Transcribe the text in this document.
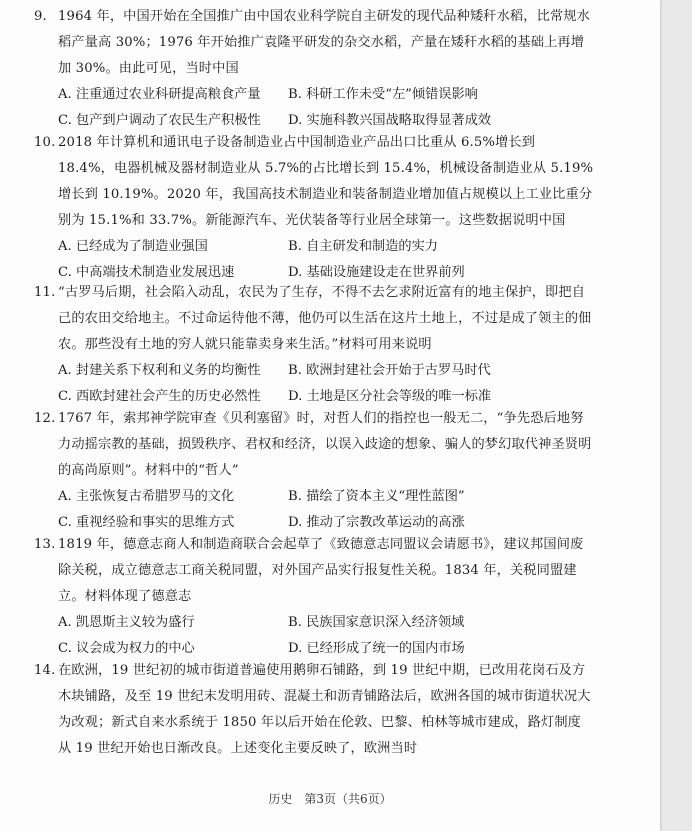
9. 1964 年，中国开始在全国推广由中国农业科学院自主研发的现代品种矮秆水稻，比常规水稻产量高 30%；1976 年开始推广袁隆平研发的杂交水稻，产量在矮秆水稻的基础上再增加 30%。由此可见，当时中国

A. 注重通过农业科研提高粮食产量 B. 科研工作未受“左”倾错误影响
C. 包产到户调动了农民生产积极性 D. 实施科教兴国战略取得显著成效

10. 2018 年计算机和通讯电子设备制造业占中国制造业产品出口比重从 6.5%增长到 18.4%，电器机械及器材制造业从 5.7%的占比增长到 15.4%，机械设备制造业从 5.19%增长到 10.19%。2020 年，我国高技术制造业和装备制造业增加值占规模以上工业比重分别为 15.1%和 33.7%。新能源汽车、光伏装备等行业居全球第一。这些数据说明中国

A. 已经成为了制造业强国	B. 自主研发和制造的实力
C. 中高端技术制造业发展迅速	D. 基础设施建设走在世界前列

11. “古罗马后期，社会陷入动乱，农民为了生存，不得不去乞求附近富有的地主保护，即把自己的农田交给地主。不过命运待他不薄，他仍可以生活在这片土地上，不过是成了领主的佃农。那些没有土地的穷人就只能靠卖身来生活。”材料可用来说明

A. 封建关系下权利和义务的均衡性 B. 欧洲封建社会开始于古罗马时代
C. 西欧封建社会产生的历史必然性 D. 土地是区分社会等级的唯一标准

12. 1767 年，索邦神学院审查《贝利塞留》时，对哲人们的指控也一般无二，“争先恐后地努力动摇宗教的基础，损毁秩序、君权和经济，以误入歧途的想象、骗人的梦幻取代神圣贤明的高尚原则”。材料中的“哲人”

A. 主张恢复古希腊罗马的文化	B. 描绘了资本主义“理性蓝图”
C. 重视经验和事实的思维方式	D. 推动了宗教改革运动的高涨

13. 1819 年，德意志商人和制造商联合会起草了《致德意志同盟议会请愿书》，建议邦国间废除关税，成立德意志工商关税同盟，对外国产品实行报复性关税。1834 年，关税同盟建立。材料体现了德意志

A. 凯恩斯主义较为盛行	B. 民族国家意识深入经济领域
C. 议会成为权力的中心	D. 已经形成了统一的国内市场

14. 在欧洲，19 世纪初的城市街道普遍使用鹅卵石铺路，到 19 世纪中期，已改用花岗石及方木块铺路，及至 19 世纪末发明用砖、混凝土和沥青铺路法后，欧洲各国的城市街道状况大为改观；新式自来水系统于 1850 年以后开始在伦敦、巴黎、柏林等城市建成，路灯制度从 19 世纪开始也日渐改良。上述变化主要反映了，欧洲当时

历史　第3页（共6页）
